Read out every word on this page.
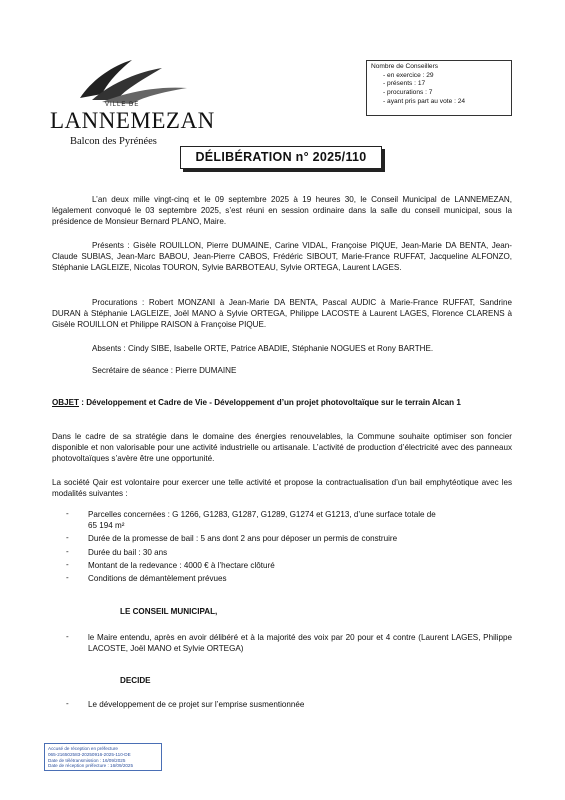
VILLE DE
LANNEMEZAN
Balcon des Pyrénées
Nombre de Conseillers
- en exercice : 29
- présents : 17
- procurations : 7
- ayant pris part au vote : 24
DÉLIBÉRATION n° 2025/110
L’an deux mille vingt-cinq et le 09 septembre 2025 à 19 heures 30, le Conseil Municipal de LANNEMEZAN, légalement convoqué le 03 septembre 2025, s’est réuni en session ordinaire dans la salle du conseil municipal, sous la présidence de Monsieur Bernard PLANO, Maire.
Présents : Gisèle ROUILLON, Pierre DUMAINE, Carine VIDAL, Françoise PIQUE, Jean-Marie DA BENTA, Jean-Claude SUBIAS, Jean-Marc BABOU, Jean-Pierre CABOS, Frédéric SIBOUT, Marie-France RUFFAT, Jacqueline ALFONZO, Stéphanie LAGLEIZE, Nicolas TOURON, Sylvie BARBOTEAU, Sylvie ORTEGA, Laurent LAGES.
Procurations : Robert MONZANI à Jean-Marie DA BENTA, Pascal AUDIC à Marie-France RUFFAT, Sandrine DURAN à Stéphanie LAGLEIZE, Joël MANO à Sylvie ORTEGA, Philippe LACOSTE à Laurent LAGES, Florence CLARENS à Gisèle ROUILLON et Philippe RAISON à Françoise PIQUE.
Absents : Cindy SIBE, Isabelle ORTE, Patrice ABADIE, Stéphanie NOGUES et Rony BARTHE.
Secrétaire de séance : Pierre DUMAINE
OBJET : Développement et Cadre de Vie - Développement d’un projet photovoltaïque sur le terrain Alcan 1
Dans le cadre de sa stratégie dans le domaine des énergies renouvelables, la Commune souhaite optimiser son foncier disponible et non valorisable pour une activité industrielle ou artisanale. L’activité de production d’électricité avec des panneaux photovoltaïques s’avère être une opportunité.
La société Qair est volontaire pour exercer une telle activité et propose la contractualisation d’un bail emphytéotique avec les modalités suivantes :
- Parcelles concernées : G 1266, G1283, G1287, G1289, G1274 et G1213, d’une surface totale de
65 194 m²
- Durée de la promesse de bail : 5 ans dont 2 ans pour déposer un permis de construire
- Durée du bail : 30 ans
- Montant de la redevance : 4000 € à l’hectare clôturé
- Conditions de démantèlement prévues
LE CONSEIL MUNICIPAL,
- le Maire entendu, après en avoir délibéré et à la majorité des voix par 20 pour et 4 contre (Laurent LAGES, Philippe LACOSTE, Joël MANO et Sylvie ORTEGA)
DECIDE
- Le développement de ce projet sur l’emprise susmentionnée
Accusé de réception en préfecture
065-216502583-20250916-2025-110-DE
Date de télétransmission : 16/09/2025
Date de réception préfecture : 16/09/2025
